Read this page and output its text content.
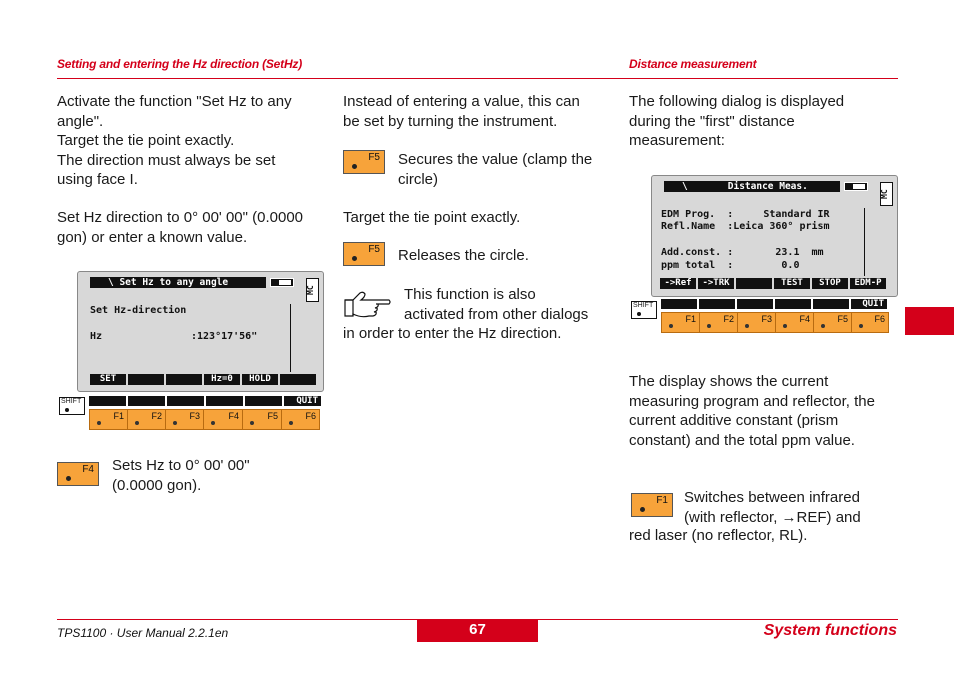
Setting and entering the Hz direction (SetHz)	Distance measurement
Activate the function "Set Hz to any
angle".
Target the tie point exactly.
The direction must always be set
using face I.
Set Hz direction to 0° 00' 00" (0.0000
gon) or enter a known value.
\ Set Hz to any angle
MC
Set Hz-direction
Hz	:123°17'56"
SET	Hz=0	HOLD
SHIFT	QUIT
F1	F2	F3	F4	F5	F6
F4 Sets Hz to 0° 00' 00"
(0.0000 gon).
Instead of entering a value, this can
be set by turning the instrument.
F5 Secures the value (clamp the
circle)
Target the tie point exactly.
F5 Releases the circle.
This function is also
activated from other dialogs
in order to enter the Hz direction.
The following dialog is displayed
during the "first" distance
measurement:
\       Distance Meas.
MC
EDM Prog.  :     Standard IR
Refl.Name  :Leica 360° prism
Add.const. :       23.1  mm
ppm total  :        0.0
->Ref	->TRK	TEST	STOP	EDM-P
SHIFT	QUIT
F1	F2	F3	F4	F5	F6
The display shows the current
measuring program and reflector, the
current additive constant (prism
constant) and the total ppm value.
F1 Switches between infrared
(with reflector, →REF) and
red laser (no reflector, RL).
TPS1100 · User Manual 2.2.1en	67	System functions
